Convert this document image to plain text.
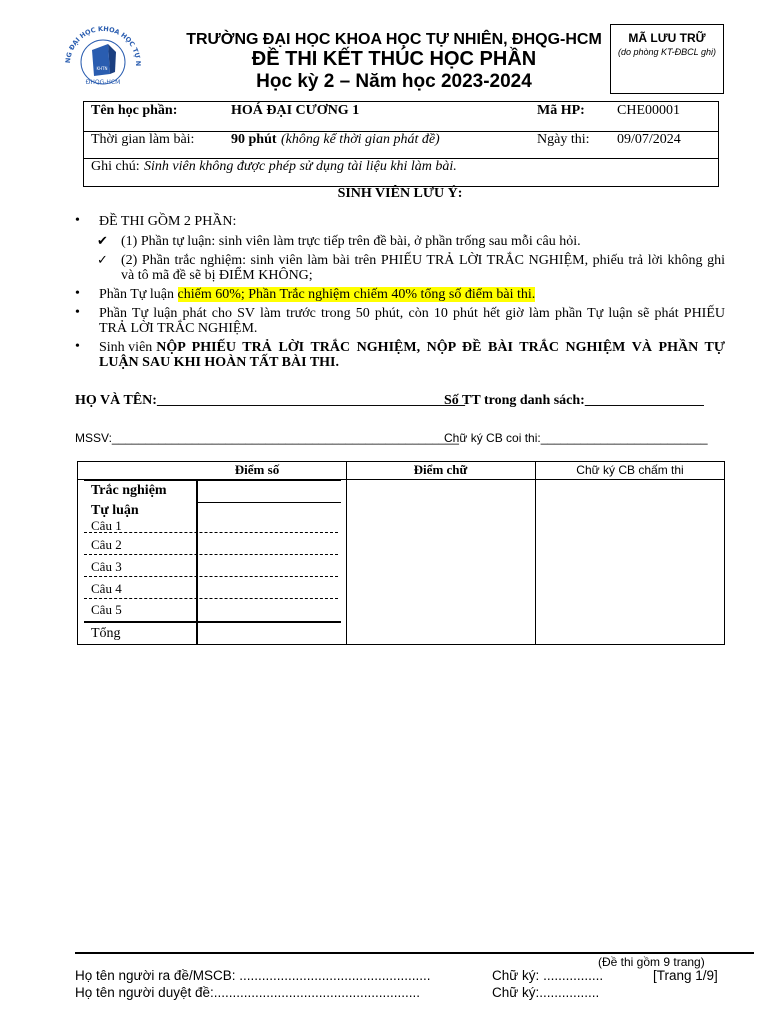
NG ĐẠI HỌC KHOA HỌC TỰ N
ĐHQG-HCM
KHTN
TRƯỜNG ĐẠI HỌC KHOA HỌC TỰ NHIÊN, ĐHQG-HCM
ĐỀ THI KẾT THÚC HỌC PHẦN
Học kỳ 2 – Năm học 2023-2024
MÃ LƯU TRỮ
(do phòng KT-ĐBCL ghi)
Tên học phần:	HOÁ ĐẠI CƯƠNG 1	Mã HP: CHE00001
Thời gian làm bài:	90 phút (không kể thời gian phát đề)	Ngày thi: 09/07/2024
Ghi chú: Sinh viên không được phép sử dụng tài liệu khi làm bài.
SINH VIÊN LƯU Ý:
• ĐỀ THI GỒM 2 PHẦN:
✔ (1) Phần tự luận: sinh viên làm trực tiếp trên đề bài, ở phần trống sau mỗi câu hỏi.
✓ (2) Phần trắc nghiệm: sinh viên làm bài trên PHIẾU TRẢ LỜI TRẮC NGHIỆM, phiếu trả lời không ghi
và tô mã đề sẽ bị ĐIỂM KHÔNG;
• Phần Tự luận chiếm 60%; Phần Trắc nghiệm chiếm 40% tổng số điểm bài thi.
• Phần Tự luận phát cho SV làm trước trong 50 phút, còn 10 phút hết giờ làm phần Tự luận sẽ phát PHIẾU
TRẢ LỜI TRẮC NGHIỆM.
• Sinh viên NỘP PHIẾU TRẢ LỜI TRẮC NGHIỆM, NỘP ĐỀ BÀI TRẮC NGHIỆM VÀ PHẦN TỰ
LUẬN SAU KHI HOÀN TẤT BÀI THI.
HỌ VÀ TÊN:____________________________________________
Số TT trong danh sách:_________________
MSSV:____________________________________________________
Chữ ký CB coi thi:_________________________
Điểm số	Điểm chữ	Chữ ký CB chấm thi
Trắc nghiệm
Tự luận
Câu 1
Câu 2
Câu 3
Câu 4
Câu 5
Tổng
(Đề thi gồm 9 trang)
Họ tên người ra đề/MSCB: ...................................................	Chữ ký: ................	[Trang 1/9]
Họ tên người duyệt đề:.......................................................	Chữ ký:................
